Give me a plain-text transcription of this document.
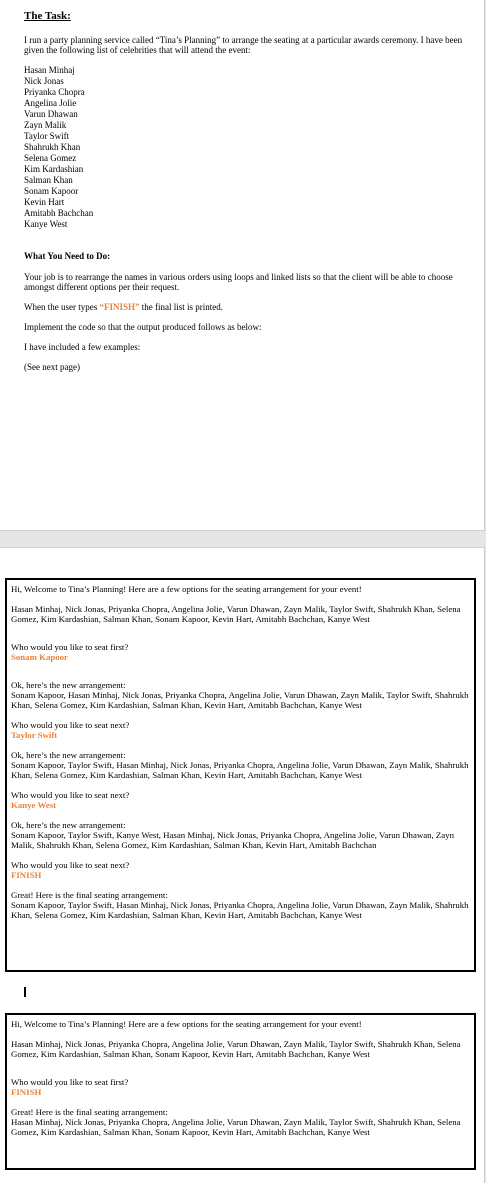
The Task:

I run a party planning service called “Tina’s Planning” to arrange the seating at a particular awards ceremony. I have been given the following list of celebrities that will attend the event:

Hasan Minhaj
Nick Jonas
Priyanka Chopra
Angelina Jolie
Varun Dhawan
Zayn Malik
Taylor Swift
Shahrukh Khan
Selena Gomez
Kim Kardashian
Salman Khan
Sonam Kapoor
Kevin Hart
Amitabh Bachchan
Kanye West

What You Need to Do:

Your job is to rearrange the names in various orders using loops and linked lists so that the client will be able to choose amongst different options per their request.

When the user types “FINISH” the final list is printed.

Implement the code so that the output produced follows as below:

I have included a few examples:

(See next page)

Hi, Welcome to Tina’s Planning! Here are a few options for the seating arrangement for your event!

Hasan Minhaj, Nick Jonas, Priyanka Chopra, Angelina Jolie, Varun Dhawan, Zayn Malik, Taylor Swift, Shahrukh Khan, Selena Gomez, Kim Kardashian, Salman Khan, Sonam Kapoor, Kevin Hart, Amitabh Bachchan, Kanye West

Who would you like to seat first?

Sonam Kapoor

Ok, here’s the new arrangement:

Sonam Kapoor, Hasan Minhaj, Nick Jonas, Priyanka Chopra, Angelina Jolie, Varun Dhawan, Zayn Malik, Taylor Swift, Shahrukh Khan, Selena Gomez, Kim Kardashian, Salman Khan, Kevin Hart, Amitabh Bachchan, Kanye West

Who would you like to seat next?

Taylor Swift

Ok, here’s the new arrangement:

Sonam Kapoor, Taylor Swift, Hasan Minhaj, Nick Jonas, Priyanka Chopra, Angelina Jolie, Varun Dhawan, Zayn Malik, Shahrukh Khan, Selena Gomez, Kim Kardashian, Salman Khan, Kevin Hart, Amitabh Bachchan, Kanye West

Who would you like to seat next?

Kanye West

Ok, here’s the new arrangement:

Sonam Kapoor, Taylor Swift, Kanye West, Hasan Minhaj, Nick Jonas, Priyanka Chopra, Angelina Jolie, Varun Dhawan, Zayn Malik, Shahrukh Khan, Selena Gomez, Kim Kardashian, Salman Khan, Kevin Hart, Amitabh Bachchan

Who would you like to seat next?

FINISH

Great! Here is the final seating arrangement:

Sonam Kapoor, Taylor Swift, Hasan Minhaj, Nick Jonas, Priyanka Chopra, Angelina Jolie, Varun Dhawan, Zayn Malik, Shahrukh Khan, Selena Gomez, Kim Kardashian, Salman Khan, Kevin Hart, Amitabh Bachchan, Kanye West

Hi, Welcome to Tina’s Planning! Here are a few options for the seating arrangement for your event!

Hasan Minhaj, Nick Jonas, Priyanka Chopra, Angelina Jolie, Varun Dhawan, Zayn Malik, Taylor Swift, Shahrukh Khan, Selena Gomez, Kim Kardashian, Salman Khan, Sonam Kapoor, Kevin Hart, Amitabh Bachchan, Kanye West

Who would you like to seat first?

FINISH

Great! Here is the final seating arrangement:

Hasan Minhaj, Nick Jonas, Priyanka Chopra, Angelina Jolie, Varun Dhawan, Zayn Malik, Taylor Swift, Shahrukh Khan, Selena Gomez, Kim Kardashian, Salman Khan, Sonam Kapoor, Kevin Hart, Amitabh Bachchan, Kanye West
